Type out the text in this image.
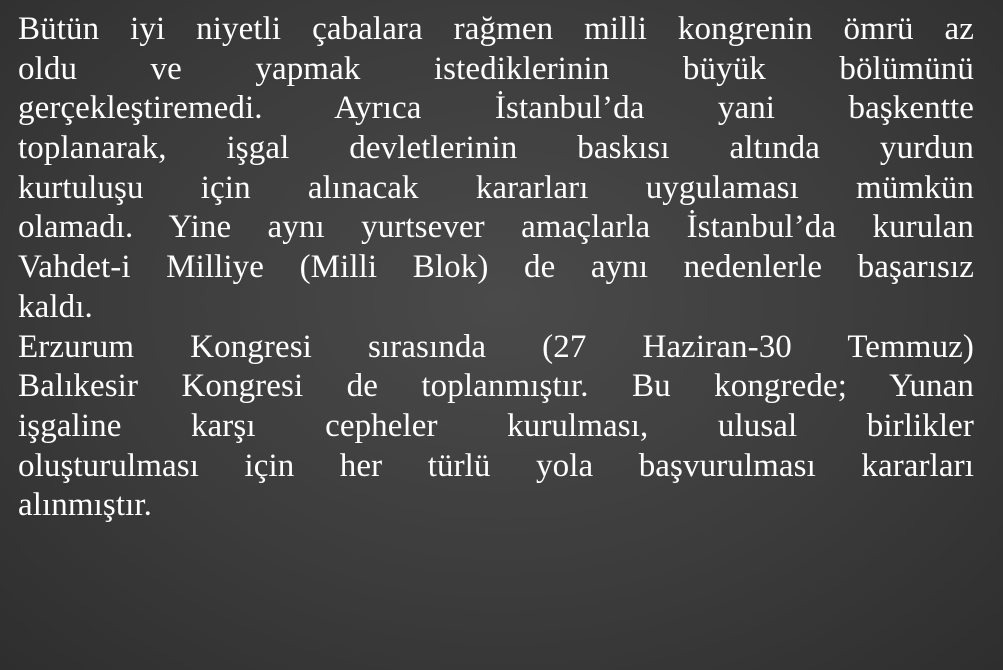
Bütün iyi niyetli çabalara rağmen milli kongrenin ömrü az
oldu ve yapmak istediklerinin büyük bölümünü
gerçekleştiremedi. Ayrıca İstanbul’da yani başkentte
toplanarak, işgal devletlerinin baskısı altında yurdun
kurtuluşu için alınacak kararları uygulaması mümkün
olamadı. Yine aynı yurtsever amaçlarla İstanbul’da kurulan
Vahdet-i Milliye (Milli Blok) de aynı nedenlerle başarısız
kaldı.

Erzurum Kongresi sırasında (27 Haziran-30 Temmuz)
Balıkesir Kongresi de toplanmıştır. Bu kongrede; Yunan
işgaline karşı cepheler kurulması, ulusal birlikler
oluşturulması için her türlü yola başvurulması kararları
alınmıştır.
